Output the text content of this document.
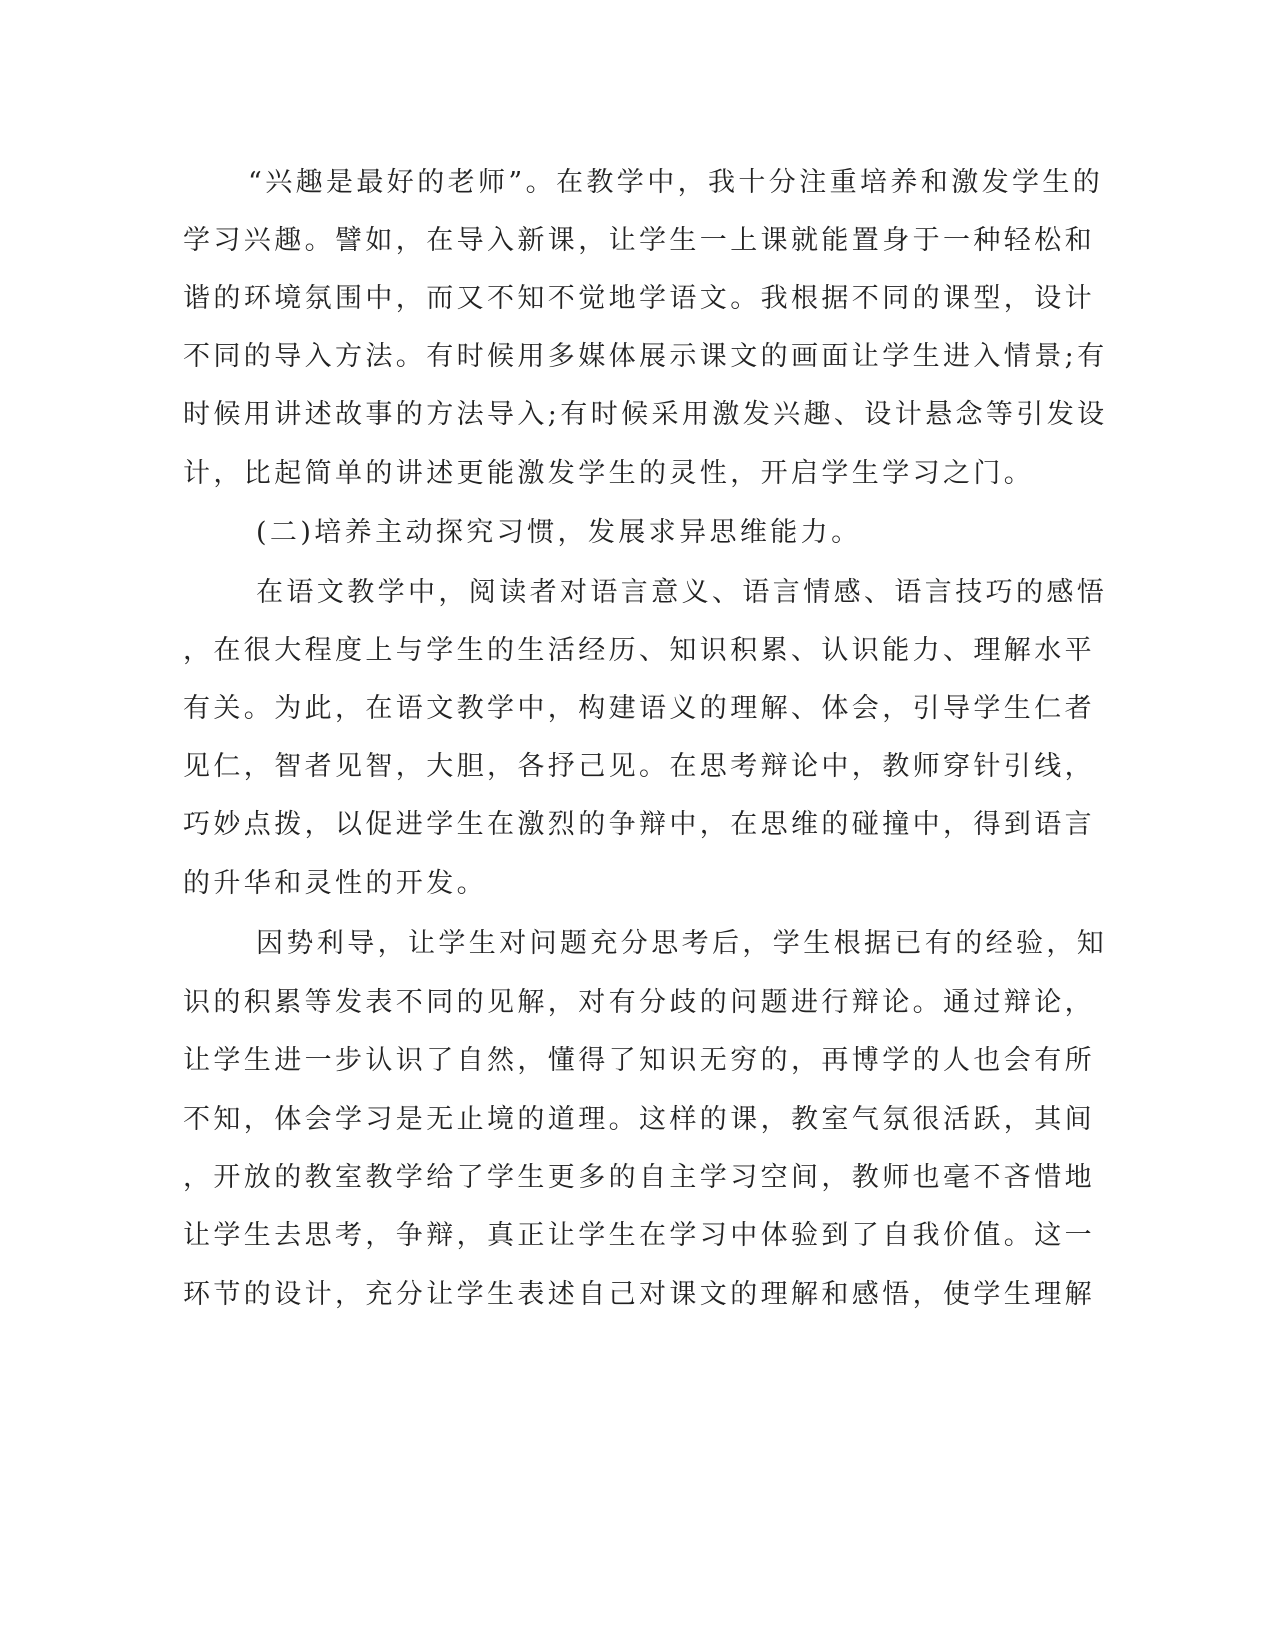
“兴趣是最好的老师”。在教学中，我十分注重培养和激发学生的
学习兴趣。譬如，在导入新课，让学生一上课就能置身于一种轻松和
谐的环境氛围中，而又不知不觉地学语文。我根据不同的课型，设计
不同的导入方法。有时候用多媒体展示课文的画面让学生进入情景;有
时候用讲述故事的方法导入;有时候采用激发兴趣、设计悬念等引发设
计，比起简单的讲述更能激发学生的灵性，开启学生学习之门。
(二)培养主动探究习惯，发展求异思维能力。
在语文教学中，阅读者对语言意义、语言情感、语言技巧的感悟
，在很大程度上与学生的生活经历、知识积累、认识能力、理解水平
有关。为此，在语文教学中，构建语义的理解、体会，引导学生仁者
见仁，智者见智，大胆，各抒己见。在思考辩论中，教师穿针引线，
巧妙点拨，以促进学生在激烈的争辩中，在思维的碰撞中，得到语言
的升华和灵性的开发。
因势利导，让学生对问题充分思考后，学生根据已有的经验，知
识的积累等发表不同的见解，对有分歧的问题进行辩论。通过辩论，
让学生进一步认识了自然，懂得了知识无穷的，再博学的人也会有所
不知，体会学习是无止境的道理。这样的课，教室气氛很活跃，其间
，开放的教室教学给了学生更多的自主学习空间，教师也毫不吝惜地
让学生去思考，争辩，真正让学生在学习中体验到了自我价值。这一
环节的设计，充分让学生表述自己对课文的理解和感悟，使学生理解
